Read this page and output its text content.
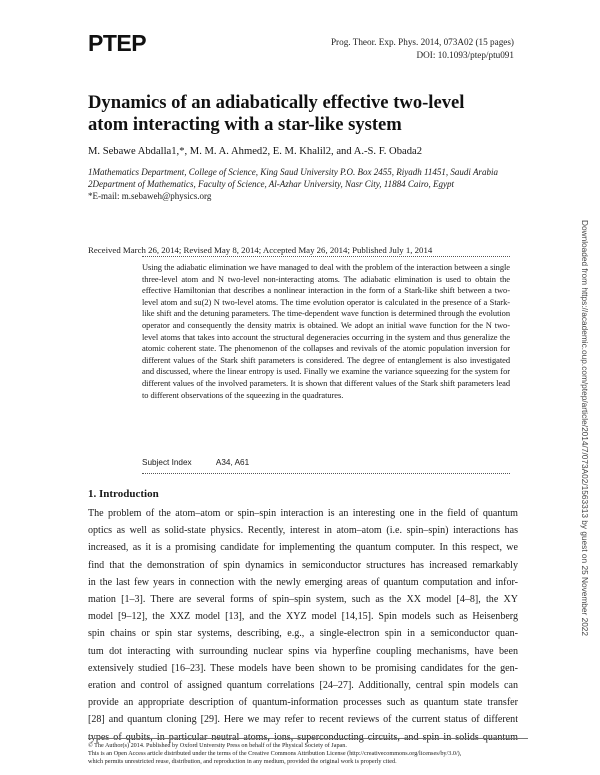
PTEP	Prog. Theor. Exp. Phys. 2014, 073A02 (15 pages)
DOI: 10.1093/ptep/ptu091
Dynamics of an adiabatically effective two-level atom interacting with a star-like system
M. Sebawe Abdalla1,*, M. M. A. Ahmed2, E. M. Khalil2, and A.-S. F. Obada2
1Mathematics Department, College of Science, King Saud University P.O. Box 2455, Riyadh 11451, Saudi Arabia
2Department of Mathematics, Faculty of Science, Al-Azhar University, Nasr City, 11884 Cairo, Egypt
*E-mail: m.sebaweh@physics.org
Received March 26, 2014; Revised May 8, 2014; Accepted May 26, 2014; Published July 1, 2014
Using the adiabatic elimination we have managed to deal with the problem of the interaction between a single three-level atom and N two-level non-interacting atoms. The adiabatic elimination is used to obtain the effective Hamiltonian that describes a nonlinear interaction in the form of a Stark-like shift between a two-level atom and su(2) N two-level atoms. The time evolution operator is calculated in the presence of a Stark-like shift and the detuning parameters. The time-dependent wave function is determined through the evolution operator and consequently the density matrix is obtained. We adopt an initial wave function for the N two-level atoms that takes into account the structural degeneracies occurring in the system and thus generalize the atomic coherent state. The phenomenon of the collapses and revivals of the atomic population inversion for different values of the Stark shift parameters is considered. The degree of entanglement is also investigated and discussed, where the linear entropy is used. Finally we examine the variance squeezing for the system for different values of the involved parameters. It is shown that different values of the Stark shift parameters lead to different observations of the squeezing in the quadratures.
Subject Index	A34, A61
1. Introduction
The problem of the atom–atom or spin–spin interaction is an interesting one in the field of quantum
optics as well as solid-state physics. Recently, interest in atom–atom (i.e. spin–spin) interactions has
increased, as it is a promising candidate for implementing the quantum computer. In this respect, we
find that the demonstration of spin dynamics in semiconductor structures has increased remarkably
in the last few years in connection with the newly emerging areas of quantum computation and infor-
mation [1–3]. There are several forms of spin–spin system, such as the XX model [4–8], the XY
model [9–12], the XXZ model [13], and the XYZ model [14,15]. Spin models such as Heisenberg
spin chains or spin star systems, describing, e.g., a single-electron spin in a semiconductor quan-
tum dot interacting with surrounding nuclear spins via hyperfine coupling mechanisms, have been
extensively studied [16–23]. These models have been shown to be promising candidates for the gen-
eration and control of assigned quantum correlations [24–27]. Additionally, central spin models can
provide an appropriate description of quantum-information processes such as quantum state transfer
[28] and quantum cloning [29]. Here we may refer to recent reviews of the current status of different
types of qubits, in particular neutral atoms, ions, superconducting circuits, and spin in solids quantum
Downloaded from https://academic.oup.com/ptep/article/2014/7/073A02/1563313 by guest on 25 November 2022
© The Author(s) 2014. Published by Oxford University Press on behalf of the Physical Society of Japan.
This is an Open Access article distributed under the terms of the Creative Commons Attribution License (http://creativecommons.org/licenses/by/3.0/),
which permits unrestricted reuse, distribution, and reproduction in any medium, provided the original work is properly cited.
